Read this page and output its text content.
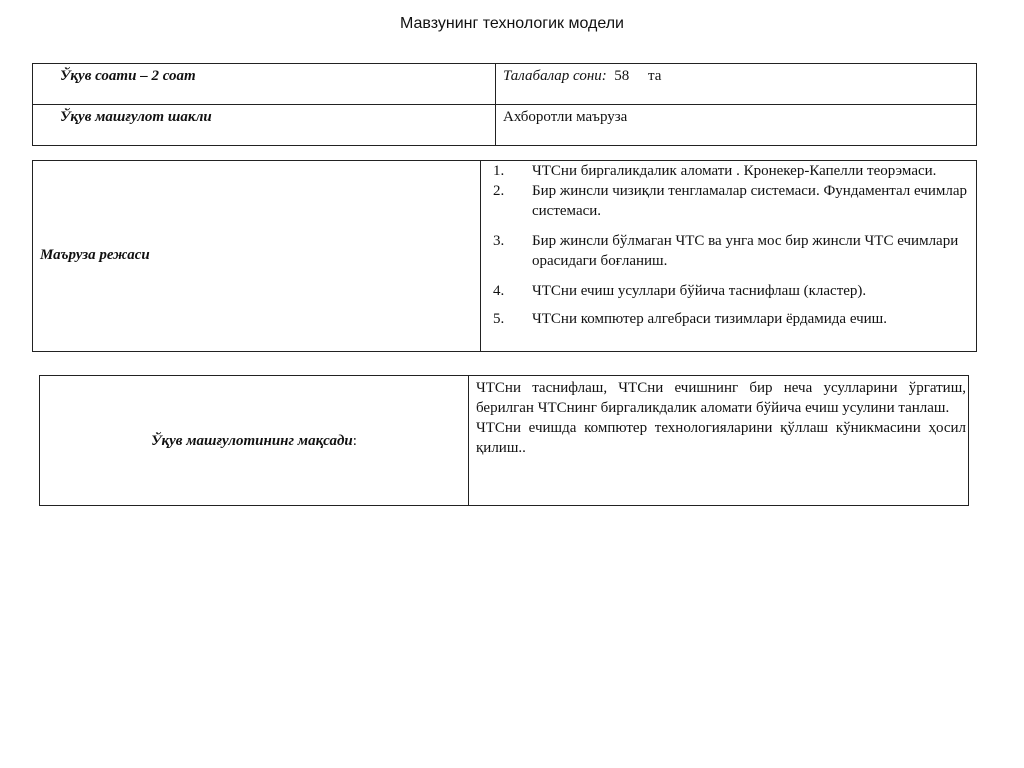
Мавзунинг технологик модели
Ўқув соати – 2 соат	Талабалар сони: 58 та
Ўқув машғулот шакли	Ахборотли маъруза
Маъруза режаси	
1.	ЧТСни биргаликдалик аломати . Кронекер-Капелли теорэмаси.
2.	Бир жинсли чизиқли тенгламалар системаси. Фундаментал ечимлар системаси.
3.	Бир жинсли бўлмаган ЧТС ва унга мос бир жинсли ЧТС ечимлари орасидаги боғланиш.
4.	ЧТСни ечиш усуллари бўйича таснифлаш (кластер).
5.	ЧТСни компютер алгебраси тизимлари ёрдамида ечиш.
Ўқув машғулотининг мақсади:	

ЧТСни таснифлаш, ЧТСни ечишнинг бир неча усулларини ўргатиш, берилган ЧТСнинг биргаликдалик аломати бўйича ечиш усулини танлаш.

ЧТСни ечишда компютер технологияларини қўллаш кўникмасини ҳосил қилиш..
